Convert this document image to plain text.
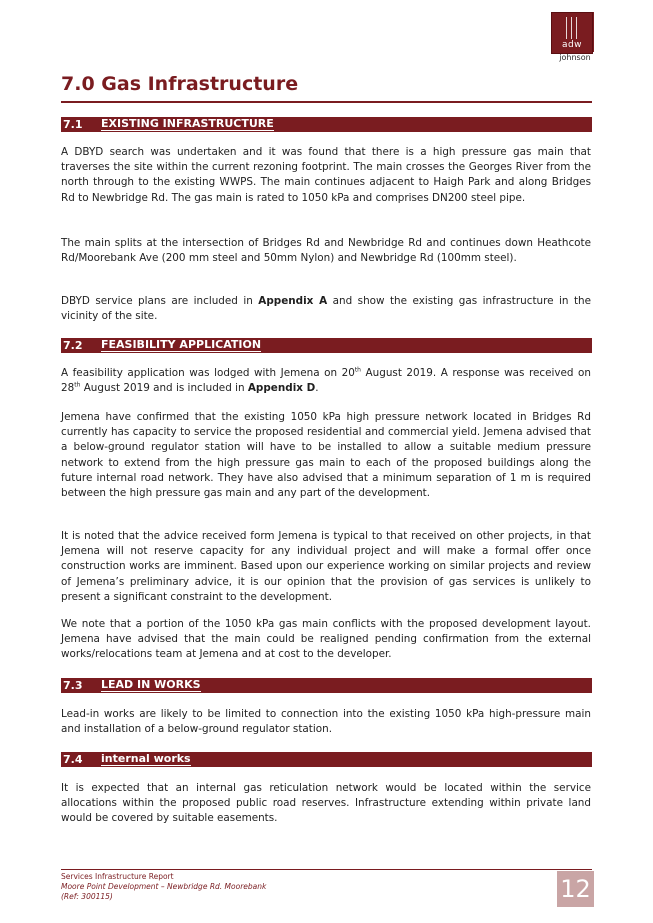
adw
johnson
7.0 Gas Infrastructure
7.1 EXISTING INFRASTRUCTURE

A DBYD search was undertaken and it was found that there is a high pressure gas main that traverses the site within the current rezoning footprint. The main crosses the Georges River from the north through to the existing WWPS. The main continues adjacent to Haigh Park and along Bridges Rd to Newbridge Rd. The gas main is rated to 1050 kPa and comprises DN200 steel pipe.

The main splits at the intersection of Bridges Rd and Newbridge Rd and continues down Heathcote Rd/Moorebank Ave (200 mm steel and 50mm Nylon) and Newbridge Rd (100mm steel).

DBYD service plans are included in Appendix A and show the existing gas infrastructure in the vicinity of the site.

7.2 FEASIBILITY APPLICATION

A feasibility application was lodged with Jemena on 20th August 2019. A response was received on 28th August 2019 and is included in Appendix D.

Jemena have confirmed that the existing 1050 kPa high pressure network located in Bridges Rd currently has capacity to service the proposed residential and commercial yield. Jemena advised that a below-ground regulator station will have to be installed to allow a suitable medium pressure network to extend from the high pressure gas main to each of the proposed buildings along the future internal road network. They have also advised that a minimum separation of 1 m is required between the high pressure gas main and any part of the development.

It is noted that the advice received form Jemena is typical to that received on other projects, in that Jemena will not reserve capacity for any individual project and will make a formal offer once construction works are imminent. Based upon our experience working on similar projects and review of Jemena’s preliminary advice, it is our opinion that the provision of gas services is unlikely to present a significant constraint to the development.

We note that a portion of the 1050 kPa gas main conflicts with the proposed development layout. Jemena have advised that the main could be realigned pending confirmation from the external works/relocations team at Jemena and at cost to the developer.

7.3 LEAD IN WORKS

Lead-in works are likely to be limited to connection into the existing 1050 kPa high-pressure main and installation of a below-ground regulator station.

7.4 internal works

It is expected that an internal gas reticulation network would be located within the service allocations within the proposed public road reserves. Infrastructure extending within private land would be covered by suitable easements.

Services Infrastructure Report
Moore Point Development – Newbridge Rd. Moorebank
(Ref: 300115)	12
